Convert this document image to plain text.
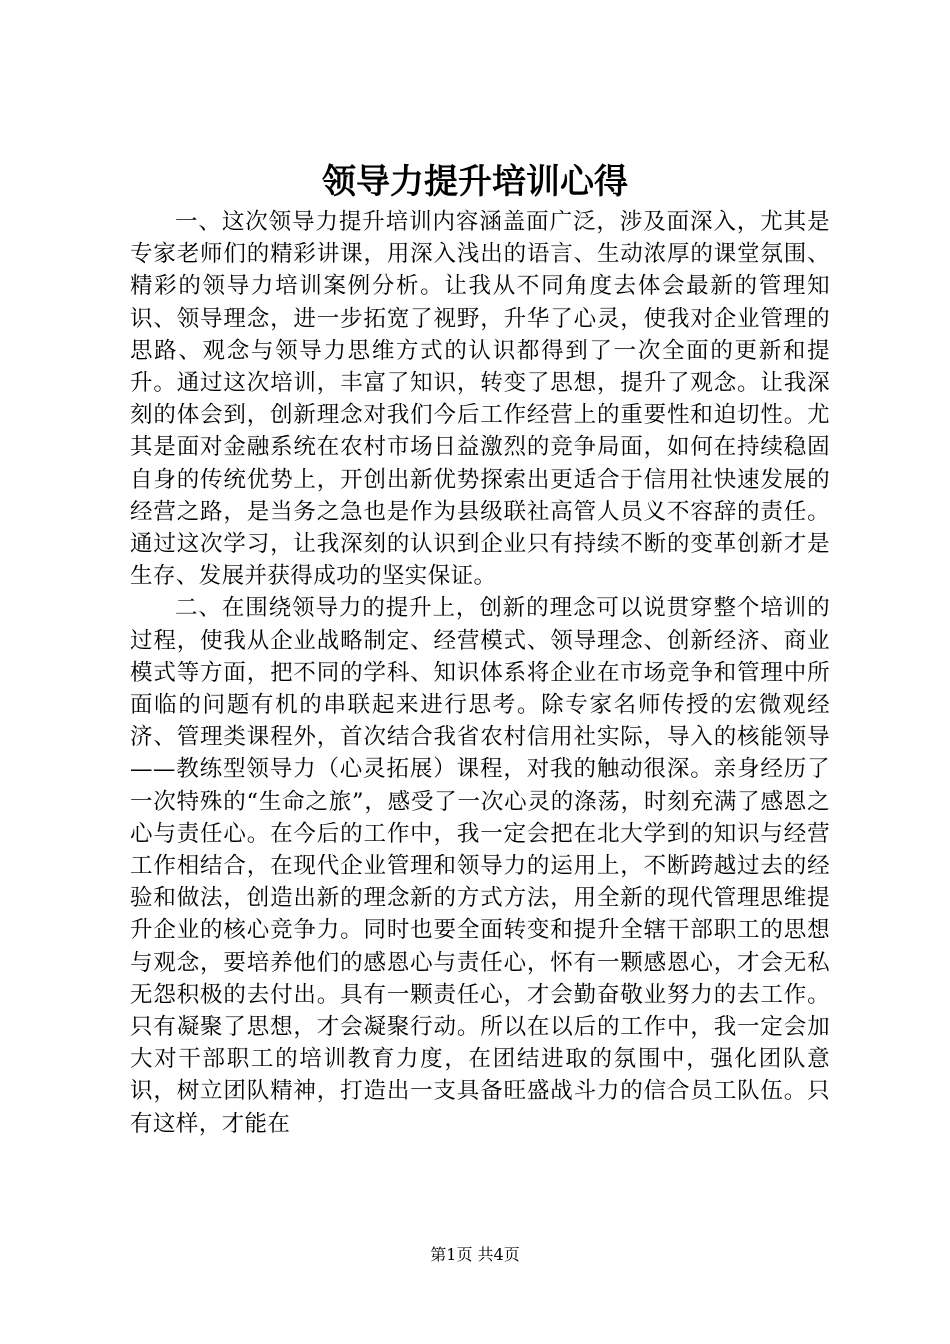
领导力提升培训心得

一、这次领导力提升培训内容涵盖面广泛，涉及面深入，尤其是专家老师们的精彩讲课，用深入浅出的语言、生动浓厚的课堂氛围、精彩的领导力培训案例分析。让我从不同角度去体会最新的管理知识、领导理念，进一步拓宽了视野，升华了心灵，使我对企业管理的思路、观念与领导力思维方式的认识都得到了一次全面的更新和提升。通过这次培训，丰富了知识，转变了思想，提升了观念。让我深刻的体会到，创新理念对我们今后工作经营上的重要性和迫切性。尤其是面对金融系统在农村市场日益激烈的竞争局面，如何在持续稳固自身的传统优势上，开创出新优势探索出更适合于信用社快速发展的经营之路，是当务之急也是作为县级联社高管人员义不容辞的责任。通过这次学习，让我深刻的认识到企业只有持续不断的变革创新才是生存、发展并获得成功的坚实保证。

二、在围绕领导力的提升上，创新的理念可以说贯穿整个培训的过程，使我从企业战略制定、经营模式、领导理念、创新经济、商业模式等方面，把不同的学科、知识体系将企业在市场竞争和管理中所面临的问题有机的串联起来进行思考。除专家名师传授的宏微观经济、管理类课程外，首次结合我省农村信用社实际，导入的核能领导——教练型领导力（心灵拓展）课程，对我的触动很深。亲身经历了一次特殊的“生命之旅”，感受了一次心灵的涤荡，时刻充满了感恩之心与责任心。在今后的工作中，我一定会把在北大学到的知识与经营工作相结合，在现代企业管理和领导力的运用上，不断跨越过去的经验和做法，创造出新的理念新的方式方法，用全新的现代管理思维提升企业的核心竞争力。同时也要全面转变和提升全辖干部职工的思想与观念，要培养他们的感恩心与责任心，怀有一颗感恩心，才会无私无怨积极的去付出。具有一颗责任心，才会勤奋敬业努力的去工作。只有凝聚了思想，才会凝聚行动。所以在以后的工作中，我一定会加大对干部职工的培训教育力度，在团结进取的氛围中，强化团队意识，树立团队精神，打造出一支具备旺盛战斗力的信合员工队伍。只有这样，才能在

第1页 共4页
